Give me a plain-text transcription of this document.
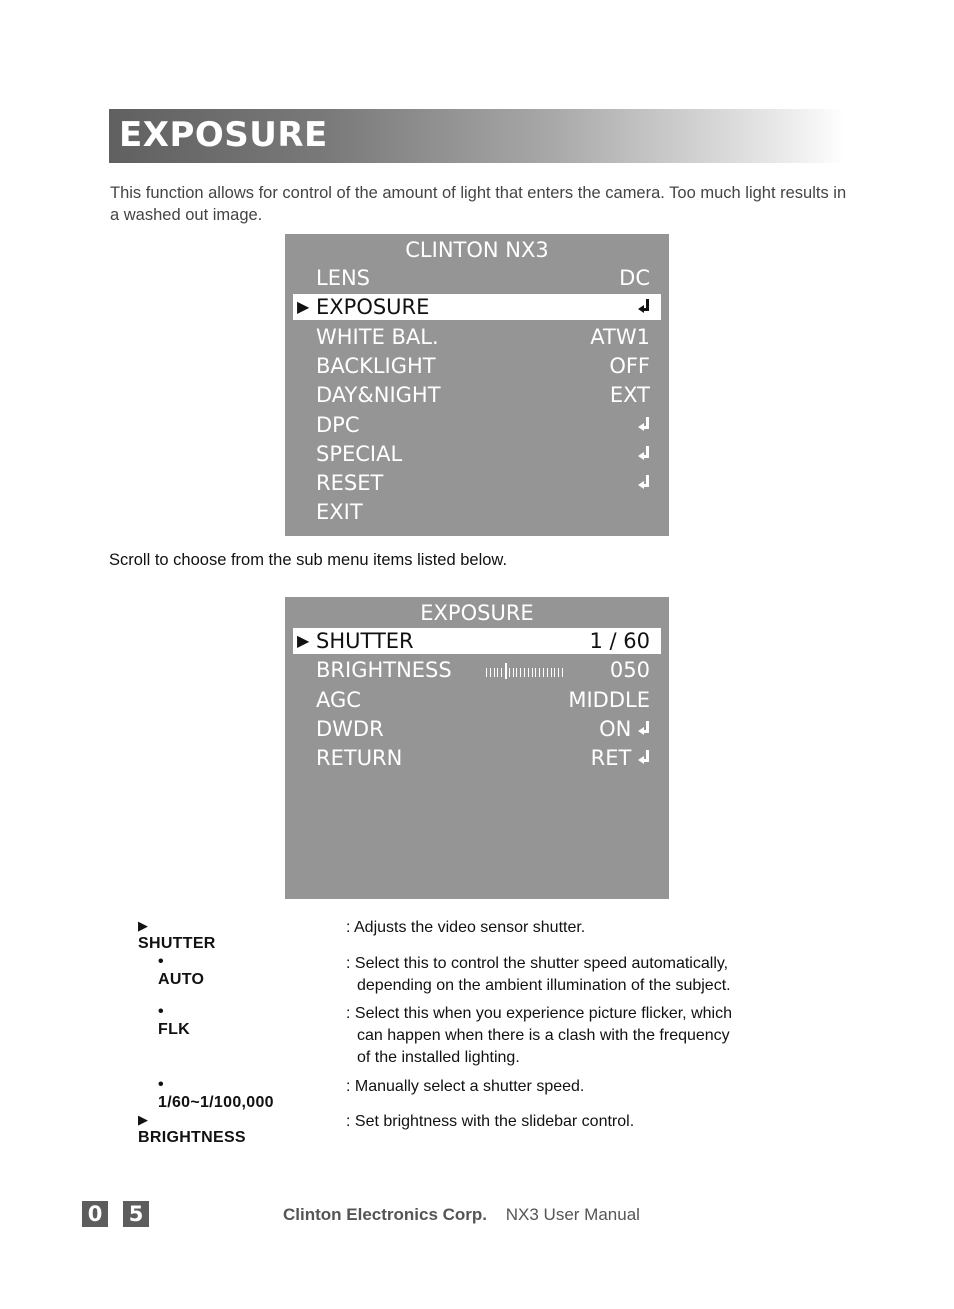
EXPOSURE
This function allows for control of the amount of light that enters the camera. Too much light results in a washed out image.
CLINTON NX3
LENS	DC
▶ EXPOSURE
WHITE BAL.	ATW1
BACKLIGHT	OFF
DAY&NIGHT	EXT
DPC
SPECIAL
RESET
EXIT
Scroll to choose from the sub menu items listed below.
EXPOSURE
▶ SHUTTER	1 / 60
BRIGHTNESS	050
AGC	MIDDLE
DWDR	ON
RETURN	RET
▶ SHUTTER
: Adjusts the video sensor shutter.
•  AUTO
: Select this to control the shutter speed automatically,
depending on the ambient illumination of the subject.
•  FLK
: Select this when you experience picture flicker, which
can happen when there is a clash with the frequency
of the installed lighting.
•  1/60~1/100,000
: Manually select a shutter speed.
▶ BRIGHTNESS
: Set brightness with the slidebar control.
0 5	Clinton Electronics Corp. NX3 User Manual
